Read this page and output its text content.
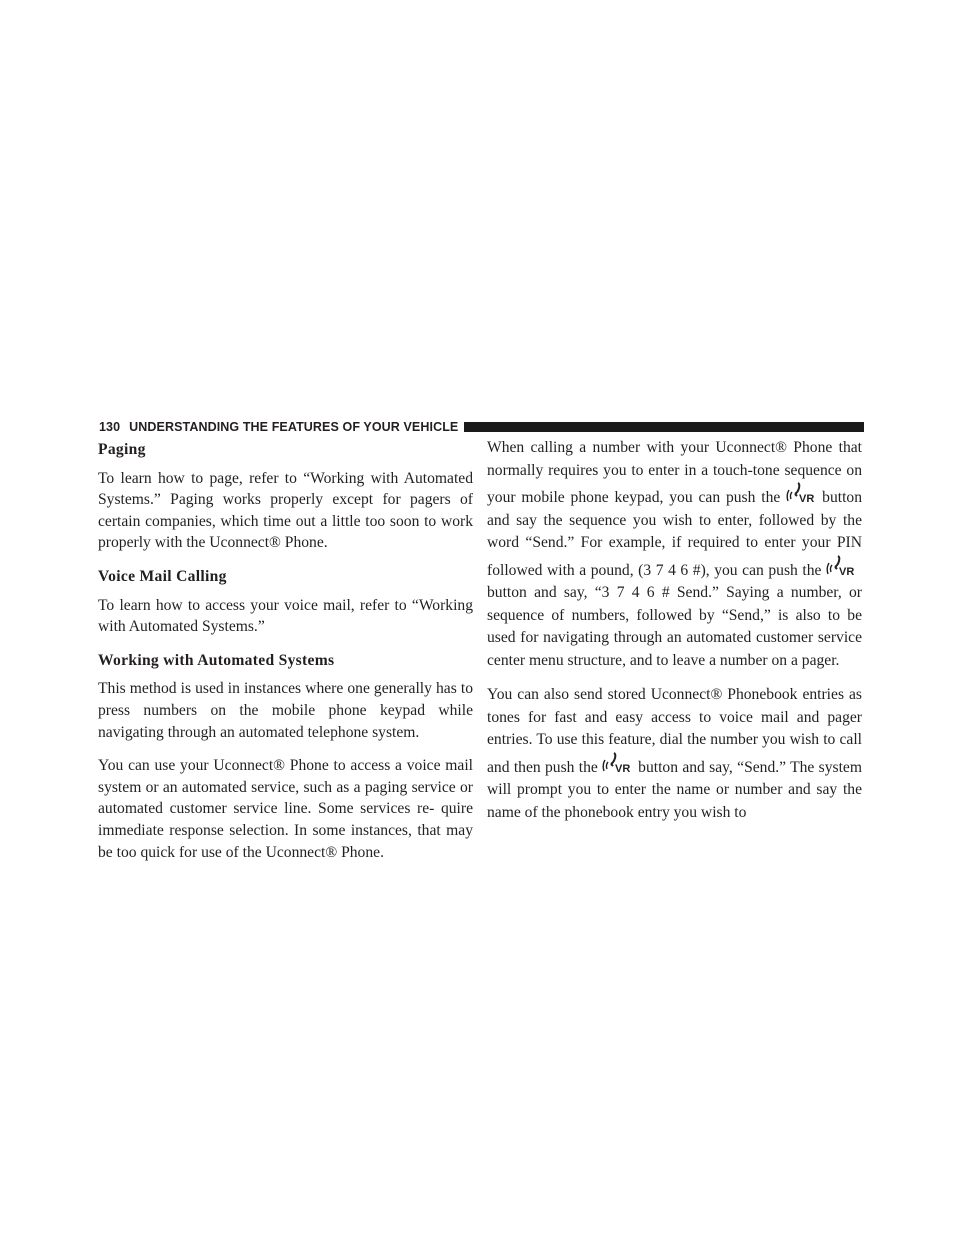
130 UNDERSTANDING THE FEATURES OF YOUR VEHICLE
Paging

To learn how to page, refer to “Working with Automated Systems.” Paging works properly except for pagers of certain companies, which time out a little too soon to work properly with the Uconnect® Phone.

Voice Mail Calling

To learn how to access your voice mail, refer to “Working with Automated Systems.”

Working with Automated Systems

This method is used in instances where one generally has to press numbers on the mobile phone keypad while navigating through an automated telephone system.

You can use your Uconnect® Phone to access a voice mail system or an automated service, such as a paging service or automated customer service line. Some services re- quire immediate response selection. In some instances, that may be too quick for use of the Uconnect® Phone.

When calling a number with your Uconnect® Phone that normally requires you to enter in a touch-tone sequence on your mobile phone keypad, you can push the VR button and say the sequence you wish to enter, followed by the word “Send.” For example, if required to enter your PIN followed with a pound, (3 7 4 6 #), you can push the VR
button and say, “3 7 4 6 # Send.” Saying a number, or sequence of numbers, followed by “Send,” is also to be used for navigating through an automated customer service center menu structure, and to leave a number on a pager.

You can also send stored Uconnect® Phonebook entries as tones for fast and easy access to voice mail and pager entries. To use this feature, dial the number you wish to call and then push the VR button and say, “Send.” The system will prompt you to enter the name or number and say the name of the phonebook entry you wish to
